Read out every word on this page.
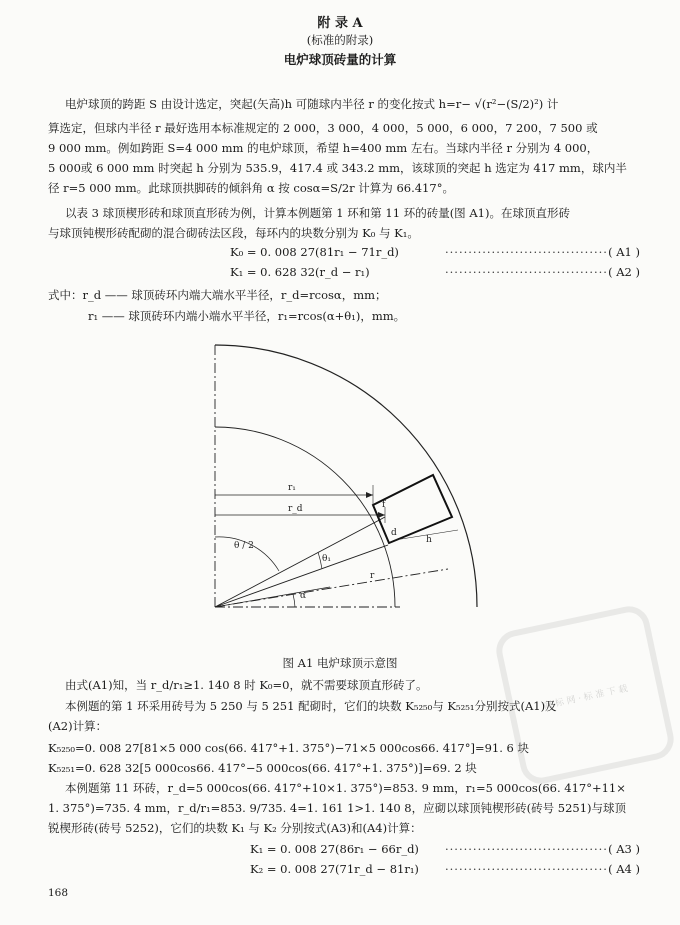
附 录 A
(标准的附录)
电炉球顶砖量的计算
电炉球顶的跨距 S 由设计选定，突起(矢高)h 可随球内半径 r 的变化按式 h=r− √(r²−(S/2)²) 计
算选定，但球内半径 r 最好选用本标准规定的 2 000，3 000，4 000，5 000，6 000，7 200，7 500 或
9 000 mm。例如跨距 S=4 000 mm 的电炉球顶，希望 h=400 mm 左右。当球内半径 r 分别为 4 000，
5 000或 6 000 mm 时突起 h 分别为 535.9，417.4 或 343.2 mm，该球顶的突起 h 选定为 417 mm，球内半
径 r=5 000 mm。此球顶拱脚砖的倾斜角 α 按 cosα=S/2r 计算为 66.417°。
以表 3 球顶楔形砖和球顶直形砖为例，计算本例题第 1 环和第 11 环的砖量(图 A1)。在球顶直形砖
与球顶钝楔形砖配砌的混合砌砖法区段，每环内的块数分别为 K₀ 与 K₁。
K₀ = 0. 008 27(81r₁ − 71r_d)	··································· ( A1 )
K₁ = 0. 628 32(r_d − r₁)	··································· ( A2 )
式中：r_d —— 球顶砖环内端大端水平半径，r_d=rcosα，mm；
r₁ —— 球顶砖环内端小端水平半径，r₁=rcos(α+θ₁)，mm。
r₁
r_d
θ / 2
θ₁
r
α
d
h
f
图 A1 电炉球顶示意图
由式(A1)知，当 r_d/r₁≥1. 140 8 时 K₀=0，就不需要球顶直形砖了。
本例题的第 1 环采用砖号为 5 250 与 5 251 配砌时，它们的块数 K₅₂₅₀与 K₅₂₅₁分别按式(A1)及
(A2)计算：
K₅₂₅₀=0. 008 27[81×5 000 cos(66. 417°+1. 375°)−71×5 000cos66. 417°]=91. 6 块
K₅₂₅₁=0. 628 32[5 000cos66. 417°−5 000cos(66. 417°+1. 375°)]=69. 2 块
本例题第 11 环砖，r_d=5 000cos(66. 417°+10×1. 375°)=853. 9 mm，r₁=5 000cos(66. 417°+11×
1. 375°)=735. 4 mm，r_d/r₁=853. 9/735. 4=1. 161 1>1. 140 8，应砌以球顶钝楔形砖(砖号 5251)与球顶
锐楔形砖(砖号 5252)，它们的块数 K₁ 与 K₂ 分别按式(A3)和(A4)计算：
K₁ = 0. 008 27(86r₁ − 66r_d) ··································· ( A3 )
K₂ = 0. 008 27(71r_d − 81r₁) ··································· ( A4 )
168
商 标 网 · 标 准 下 载
